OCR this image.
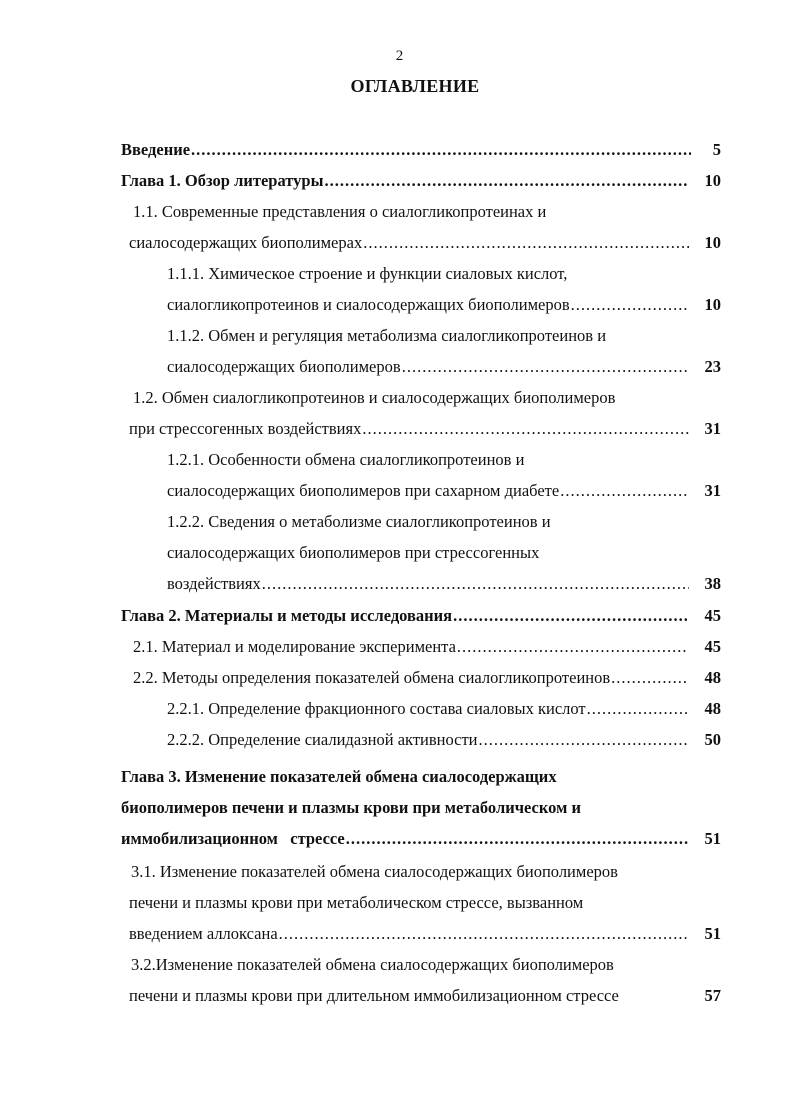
2
ОГЛАВЛЕНИЕ
Введение .....	5
Глава 1. Обзор литературы .....	10
1.1. Современные представления о сиалогликопротеинах и
сиалосодержащих биополимерах .....	10
1.1.1. Химическое строение и функции сиаловых кислот,
сиалогликопротеинов и сиалосодержащих биополимеров .....	10
1.1.2. Обмен и регуляция метаболизма сиалогликопротеинов и
сиалосодержащих биополимеров .....	23
1.2. Обмен сиалогликопротеинов и сиалосодержащих биополимеров
при стрессогенных воздействиях .....	31
1.2.1. Особенности обмена сиалогликопротеинов и
сиалосодержащих биополимеров при сахарном диабете .....	31
1.2.2. Сведения о метаболизме сиалогликопротеинов и
сиалосодержащих биополимеров при стрессогенных
воздействиях .....	38
Глава 2. Материалы и методы исследования .....	45
2.1. Материал и моделирование эксперимента .....	45
2.2. Методы определения показателей обмена сиалогликопротеинов .....	48
2.2.1. Определение фракционного состава сиаловых кислот .....	48
2.2.2. Определение сиалидазной активности .....	50
Глава 3. Изменение показателей обмена сиалосодержащих
биополимеров печени и плазмы крови при метаболическом и
иммобилизационном   стрессе .....	51
3.1. Изменение показателей обмена сиалосодержащих биополимеров
печени и плазмы крови при метаболическом стрессе, вызванном
введением аллоксана .....	51
3.2.Изменение показателей обмена сиалосодержащих биополимеров
печени и плазмы крови при длительном иммобилизационном стрессе	57
